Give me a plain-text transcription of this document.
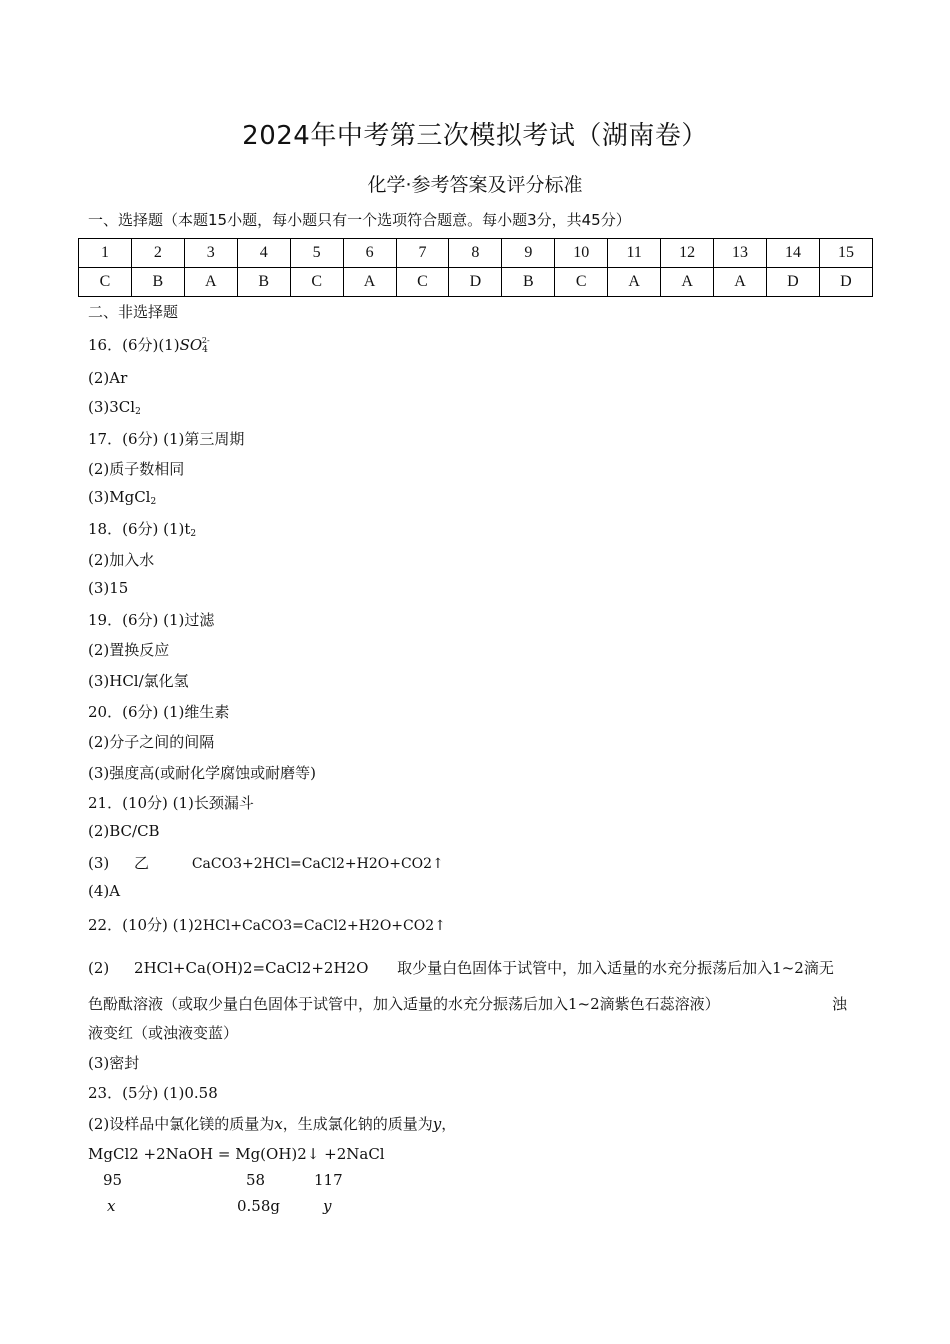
2024年中考第三次模拟考试（湖南卷）
化学·参考答案及评分标准
一、选择题（本题15小题，每小题只有一个选项符合题意。每小题3分，共45分）
1	2	3	4	5	6	7	8	9	10	11	12	13	14	15
C	B	A	B	C	A	C	D	B	C	A	A	A	D	D
二、非选择题
16．(6分)$(1)SO_4^{2-}$
(2)Ar
$(3)3Cl_2$
17．(6分) (1)第三周期
(2)质子数相同
(3)MgCl$_2$
18．(6分) $(1)t_2$
(2)加入水
(3)15
19．(6分) (1)过滤
(2)置换反应
(3)HCl/氯化氢
20．(6分) (1)维生素
(2)分子之间的间隔
(3)强度高(或耐化学腐蚀或耐磨等)
21．(10分) (1)长颈漏斗
(2)BC/CB
(3) 乙	CaCO3+2HCl=CaCl2+H2O+CO2↑
(4)A
22．(10分) (1)2HCl+CaCO3=CaCl2+H2O+CO2↑
(2) 2HCl+Ca(OH)2=CaCl2+2H2O 取少量白色固体于试管中，加入适量的水充分振荡后加入1~2滴无
色酚酞溶液（或取少量白色固体于试管中，加入适量的水充分振荡后加入1~2滴紫色石蕊溶液）	浊
液变红（或浊液变蓝）
(3)密封
23．(5分) (1)0.58
(2)设样品中氯化镁的质量为x，生成氯化钠的质量为y，
MgCl2 +2NaOH = Mg(OH)2↓ +2NaCl
95	58	117
x	0.58g	y
